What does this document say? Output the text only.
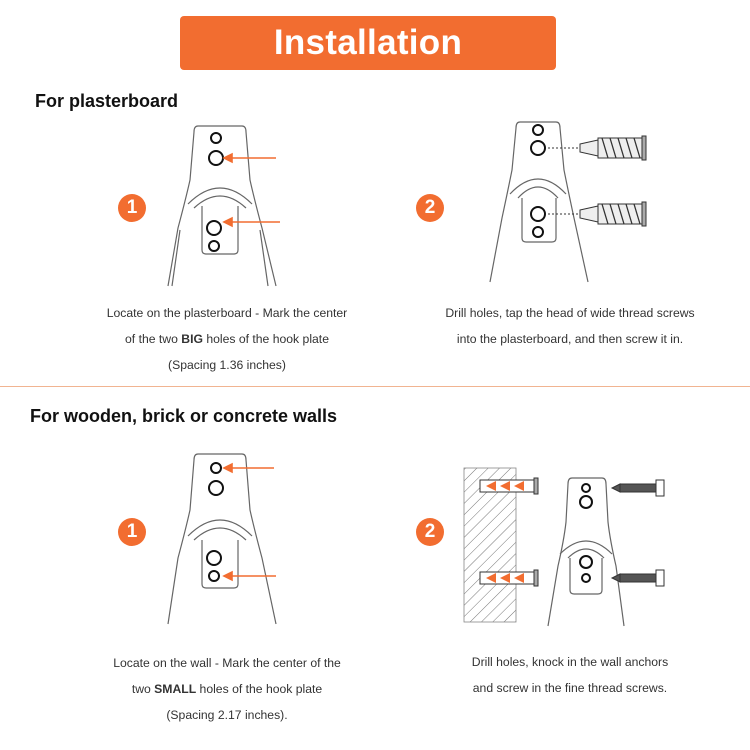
Installation Instruction
For plasterboard
1
Locate on the plasterboard - Mark the center
of the two BIG holes of the hook plate
(Spacing 1.36 inches)
2
Drill holes, tap the head of wide thread screws
into the plasterboard, and then screw it in.
For wooden, brick or concrete walls
1
Locate on the wall - Mark the center of the
two SMALL holes of the hook plate
(Spacing 2.17 inches).
2
Drill holes, knock in the wall anchors
and screw in the fine thread screws.
